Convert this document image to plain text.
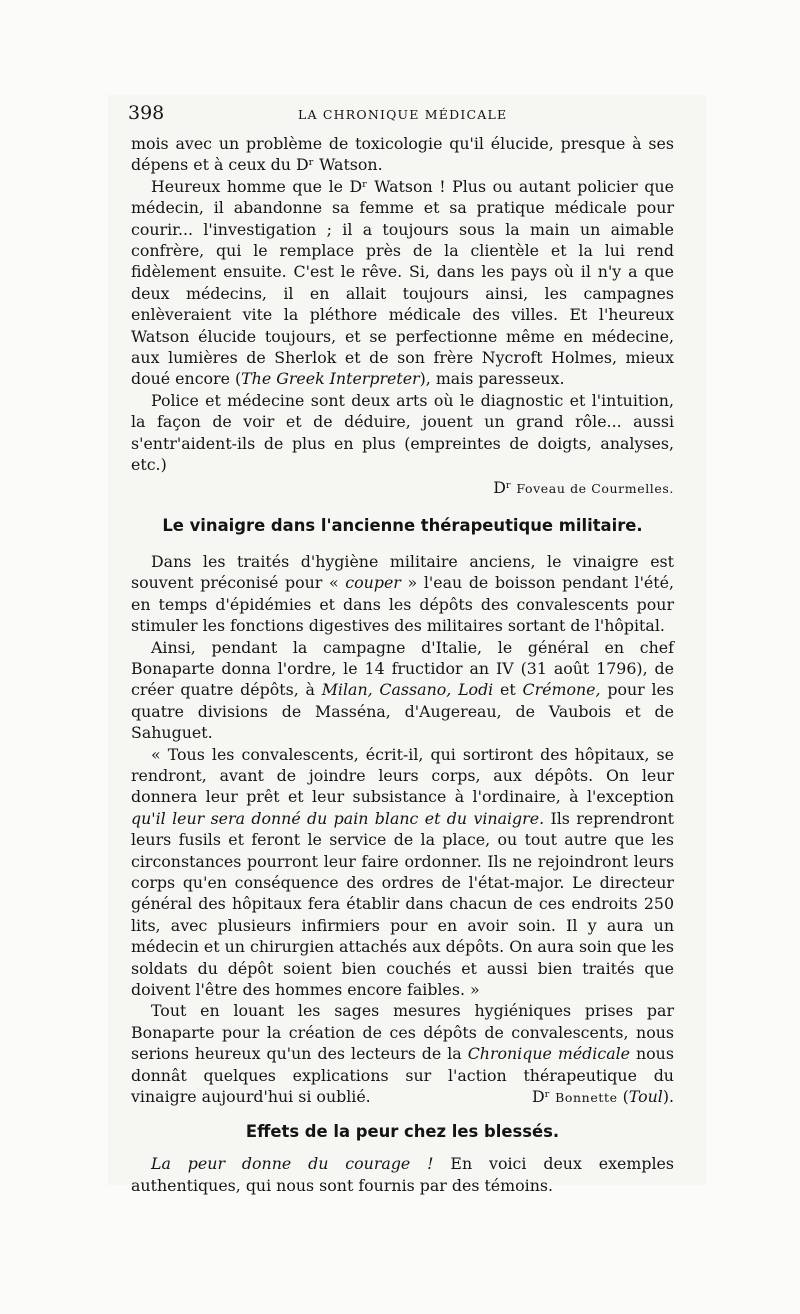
398	LA CHRONIQUE MÉDICALE

mois avec un problème de toxicologie qu'il élucide, presque à ses dépens et à ceux du Dʳ Watson.

Heureux homme que le Dʳ Watson ! Plus ou autant policier que médecin, il abandonne sa femme et sa pratique médicale pour courir... l'investigation ; il a toujours sous la main un aimable confrère, qui le remplace près de la clientèle et la lui rend fidèlement ensuite. C'est le rêve. Si, dans les pays où il n'y a que deux médecins, il en allait toujours ainsi, les campagnes enlèveraient vite la pléthore médicale des villes. Et l'heureux Watson élucide toujours, et se perfectionne même en médecine, aux lumières de Sherlok et de son frère Nycroft Holmes, mieux doué encore (The Greek Interpreter), mais paresseux.

Police et médecine sont deux arts où le diagnostic et l'intuition, la façon de voir et de déduire, jouent un grand rôle... aussi s'entr'aident-ils de plus en plus (empreintes de doigts, analyses, etc.)

Dʳ Foveau de Courmelles.

Le vinaigre dans l'ancienne thérapeutique militaire.

Dans les traités d'hygiène militaire anciens, le vinaigre est souvent préconisé pour « couper » l'eau de boisson pendant l'été, en temps d'épidémies et dans les dépôts des convalescents pour stimuler les fonctions digestives des militaires sortant de l'hôpital.

Ainsi, pendant la campagne d'Italie, le général en chef Bonaparte donna l'ordre, le 14 fructidor an IV (31 août 1796), de créer quatre dépôts, à Milan, Cassano, Lodi et Crémone, pour les quatre divisions de Masséna, d'Augereau, de Vaubois et de Sahuguet.

« Tous les convalescents, écrit-il, qui sortiront des hôpitaux, se rendront, avant de joindre leurs corps, aux dépôts. On leur donnera leur prêt et leur subsistance à l'ordinaire, à l'exception qu'il leur sera donné du pain blanc et du vinaigre. Ils reprendront leurs fusils et feront le service de la place, ou tout autre que les circonstances pourront leur faire ordonner. Ils ne rejoindront leurs corps qu'en conséquence des ordres de l'état-major. Le directeur général des hôpitaux fera établir dans chacun de ces endroits 250 lits, avec plusieurs infirmiers pour en avoir soin. Il y aura un médecin et un chirurgien attachés aux dépôts. On aura soin que les soldats du dépôt soient bien couchés et aussi bien traités que doivent l'être des hommes encore faibles. »

Tout en louant les sages mesures hygiéniques prises par Bonaparte pour la création de ces dépôts de convalescents, nous serions heureux qu'un des lecteurs de la Chronique médicale nous donnât quelques explications sur l'action thérapeutique du vinaigre aujourd'hui si oublié.	Dʳ Bonnette (Toul).

Effets de la peur chez les blessés.

La peur donne du courage ! En voici deux exemples authentiques, qui nous sont fournis par des témoins.
